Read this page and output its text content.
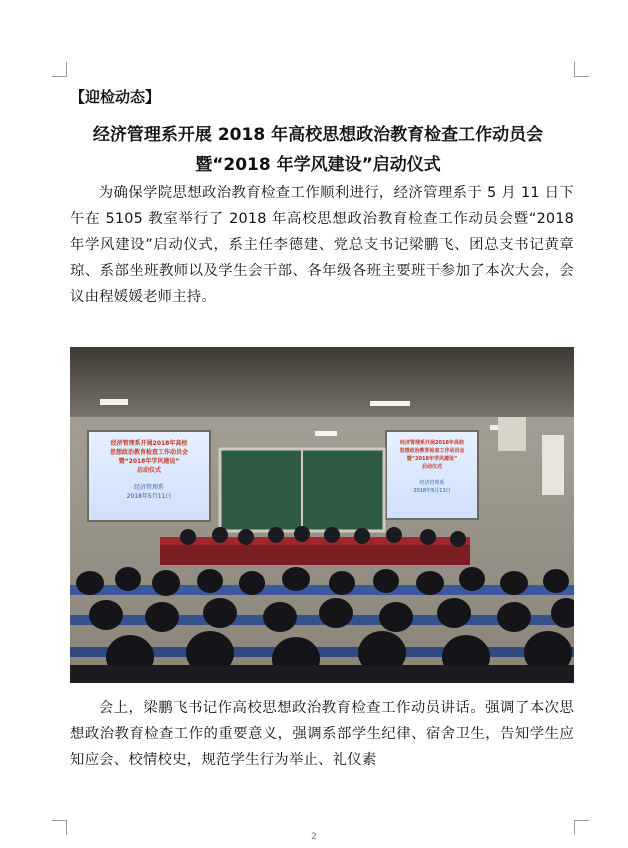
【迎检动态】
经济管理系开展 2018 年高校思想政治教育检查工作动员会
暨“2018 年学风建设”启动仪式
为确保学院思想政治教育检查工作顺利进行，经济管理系于 5 月 11 日下午在 5105 教室举行了 2018 年高校思想政治教育检查工作动员会暨“2018 年学风建设”启动仪式，系主任李德建、党总支书记梁鹏飞、团总支书记黄章琼、系部坐班教师以及学生会干部、各年级各班主要班干参加了本次大会，会议由程媛媛老师主持。
经济管理系开展2018年高校
思想政治教育检查工作动员会
暨“2018年学风建设”
启动仪式
经济管理系
2018年5月11日
经济管理系开展2018年高校
思想政治教育检查工作动员会
暨“2018年学风建设”
启动仪式
经济管理系
2018年5月11日
会上，梁鹏飞书记作高校思想政治教育检查工作动员讲话。强调了本次思想政治教育检查工作的重要意义，强调系部学生纪律、宿舍卫生，告知学生应知应会、校情校史，规范学生行为举止、礼仪素
2
